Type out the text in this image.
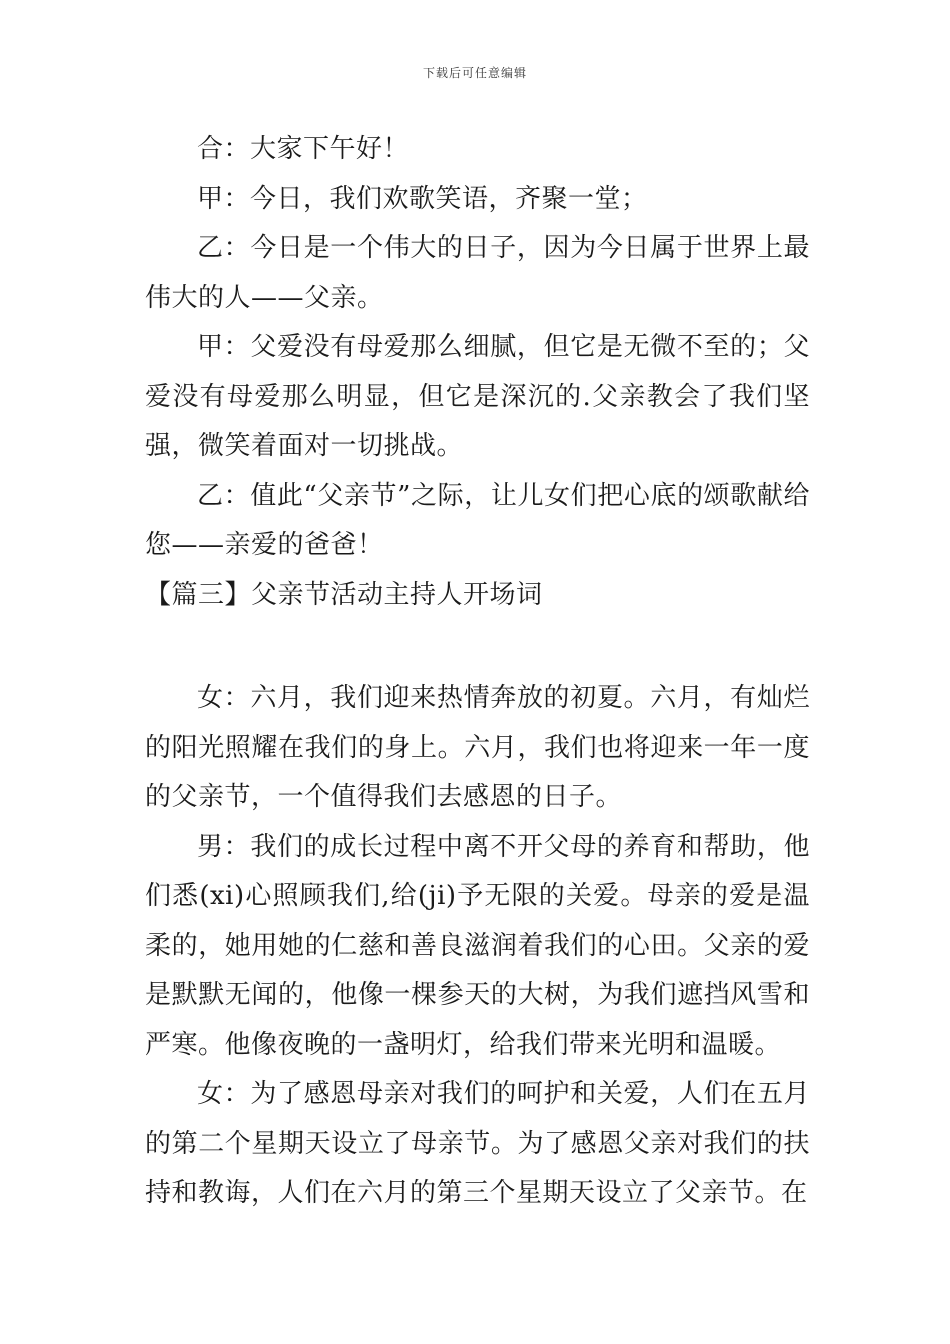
下载后可任意编辑

合：大家下午好！

甲：今日，我们欢歌笑语，齐聚一堂；

乙：今日是一个伟大的日子，因为今日属于世界上最伟大的人——父亲。

甲：父爱没有母爱那么细腻，但它是无微不至的；父爱没有母爱那么明显，但它是深沉的.父亲教会了我们坚强，微笑着面对一切挑战。

乙：值此“父亲节”之际，让儿女们把心底的颂歌献给您——亲爱的爸爸！

【篇三】父亲节活动主持人开场词

女：六月，我们迎来热情奔放的初夏。六月，有灿烂的阳光照耀在我们的身上。六月，我们也将迎来一年一度的父亲节，一个值得我们去感恩的日子。

男：我们的成长过程中离不开父母的养育和帮助，他们悉(xi)心照顾我们,给(ji)予无限的关爱。母亲的爱是温柔的，她用她的仁慈和善良滋润着我们的心田。父亲的爱是默默无闻的，他像一棵参天的大树，为我们遮挡风雪和严寒。他像夜晚的一盏明灯，给我们带来光明和温暖。

女：为了感恩母亲对我们的呵护和关爱，人们在五月的第二个星期天设立了母亲节。为了感恩父亲对我们的扶持和教诲，人们在六月的第三个星期天设立了父亲节。在
